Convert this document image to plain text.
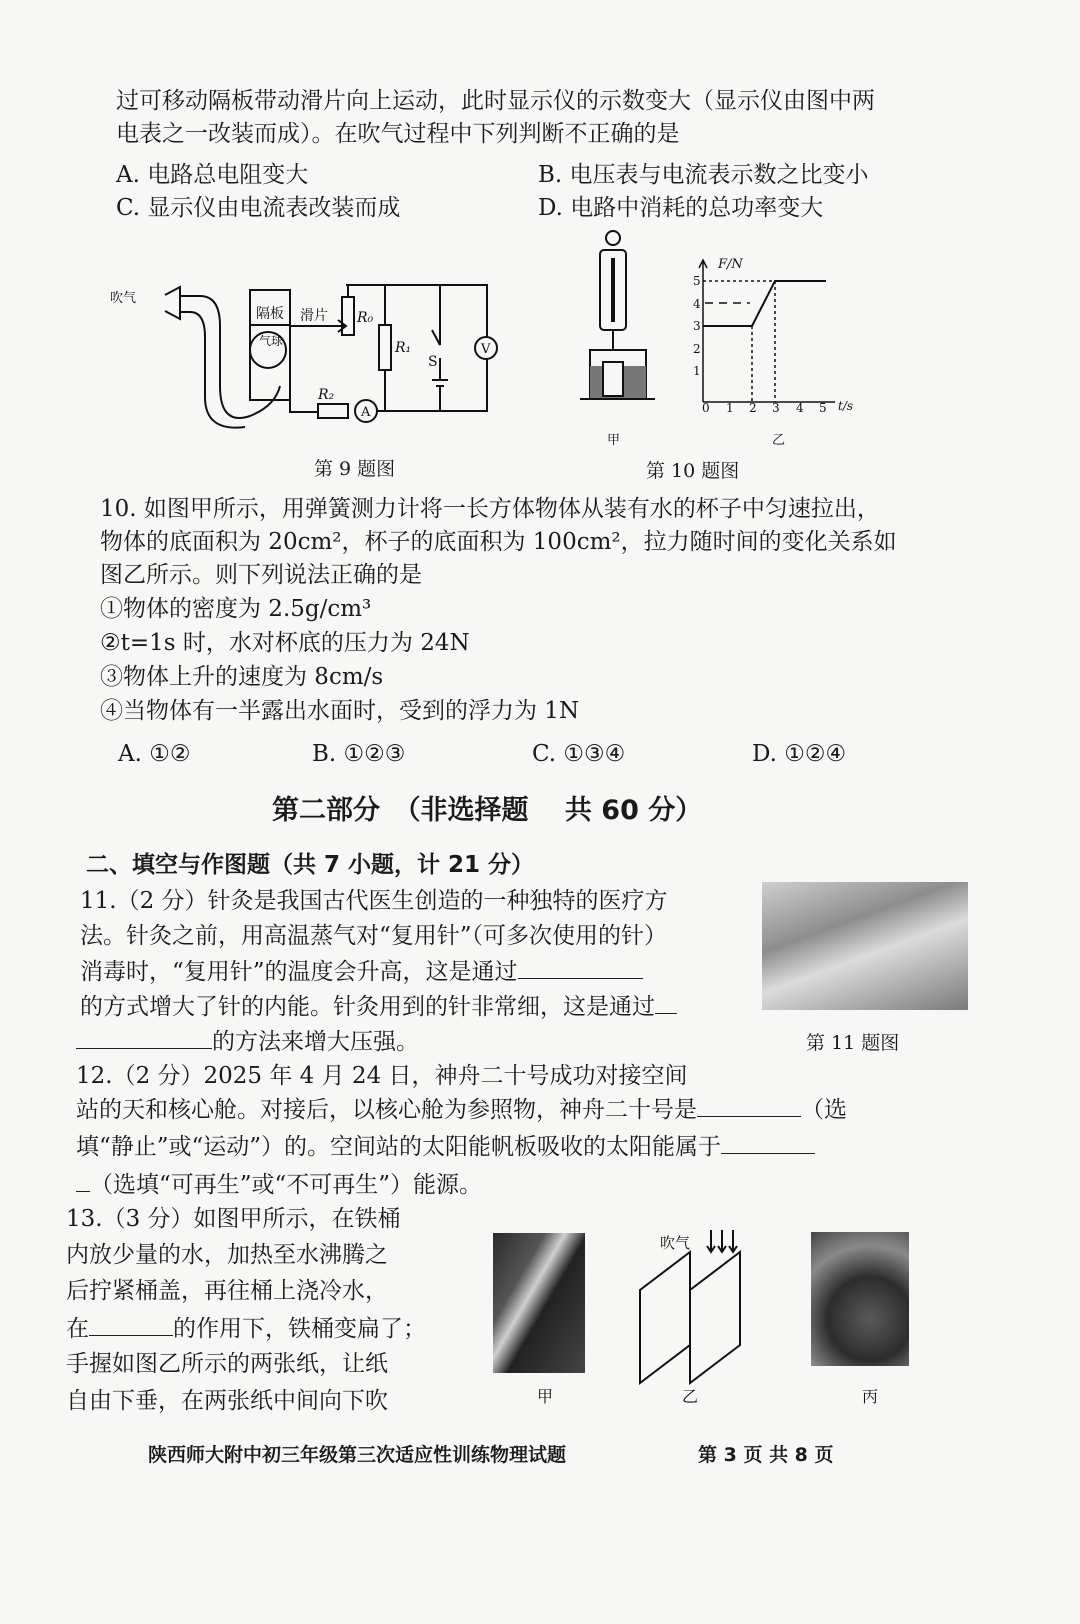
过可移动隔板带动滑片向上运动，此时显示仪的示数变大（显示仪由图中两
电表之一改装而成）。在吹气过程中下列判断不正确的是
A. 电路总电阻变大	B. 电压表与电流表示数之比变小
C. 显示仪由电流表改装而成	D. 电路中消耗的总功率变大
吹气
隔板
气球
滑片 R₀
R₁
R₂
S
V
A
F/N
t/s
1
2
3
4
5
0 1 2 3 4 5
甲	乙
第 9 题图	第 10 题图
10. 如图甲所示，用弹簧测力计将一长方体物体从装有水的杯子中匀速拉出，
物体的底面积为 20cm²，杯子的底面积为 100cm²，拉力随时间的变化关系如
图乙所示。则下列说法正确的是
①物体的密度为 2.5g/cm³
②t=1s 时，水对杯底的压力为 24N
③物体上升的速度为 8cm/s
④当物体有一半露出水面时，受到的浮力为 1N
A. ①②	B. ①②③	C. ①③④	D. ①②④
第二部分　（非选择题　 共 60 分）
二、填空与作图题（共 7 小题，计 21 分）
11.（2 分）针灸是我国古代医生创造的一种独特的医疗方
法。针灸之前，用高温蒸气对“复用针”（可多次使用的针）
消毒时，“复用针”的温度会升高，这是通过
的方式增大了针的内能。针灸用到的针非常细，这是通过
的方法来增大压强。	第 11 题图
12.（2 分）2025 年 4 月 24 日，神舟二十号成功对接空间
站的天和核心舱。对接后，以核心舱为参照物，神舟二十号是	（选
填“静止”或“运动”）的。空间站的太阳能帆板吸收的太阳能属于
（选填“可再生”或“不可再生”）能源。
13.（3 分）如图甲所示，在铁桶
内放少量的水，加热至水沸腾之
后拧紧桶盖，再往桶上浇冷水，
在	的作用下，铁桶变扁了；
手握如图乙所示的两张纸，让纸
自由下垂，在两张纸中间向下吹
吹气
甲	乙	丙
陕西师大附中初三年级第三次适应性训练物理试题	第 3 页 共 8 页
